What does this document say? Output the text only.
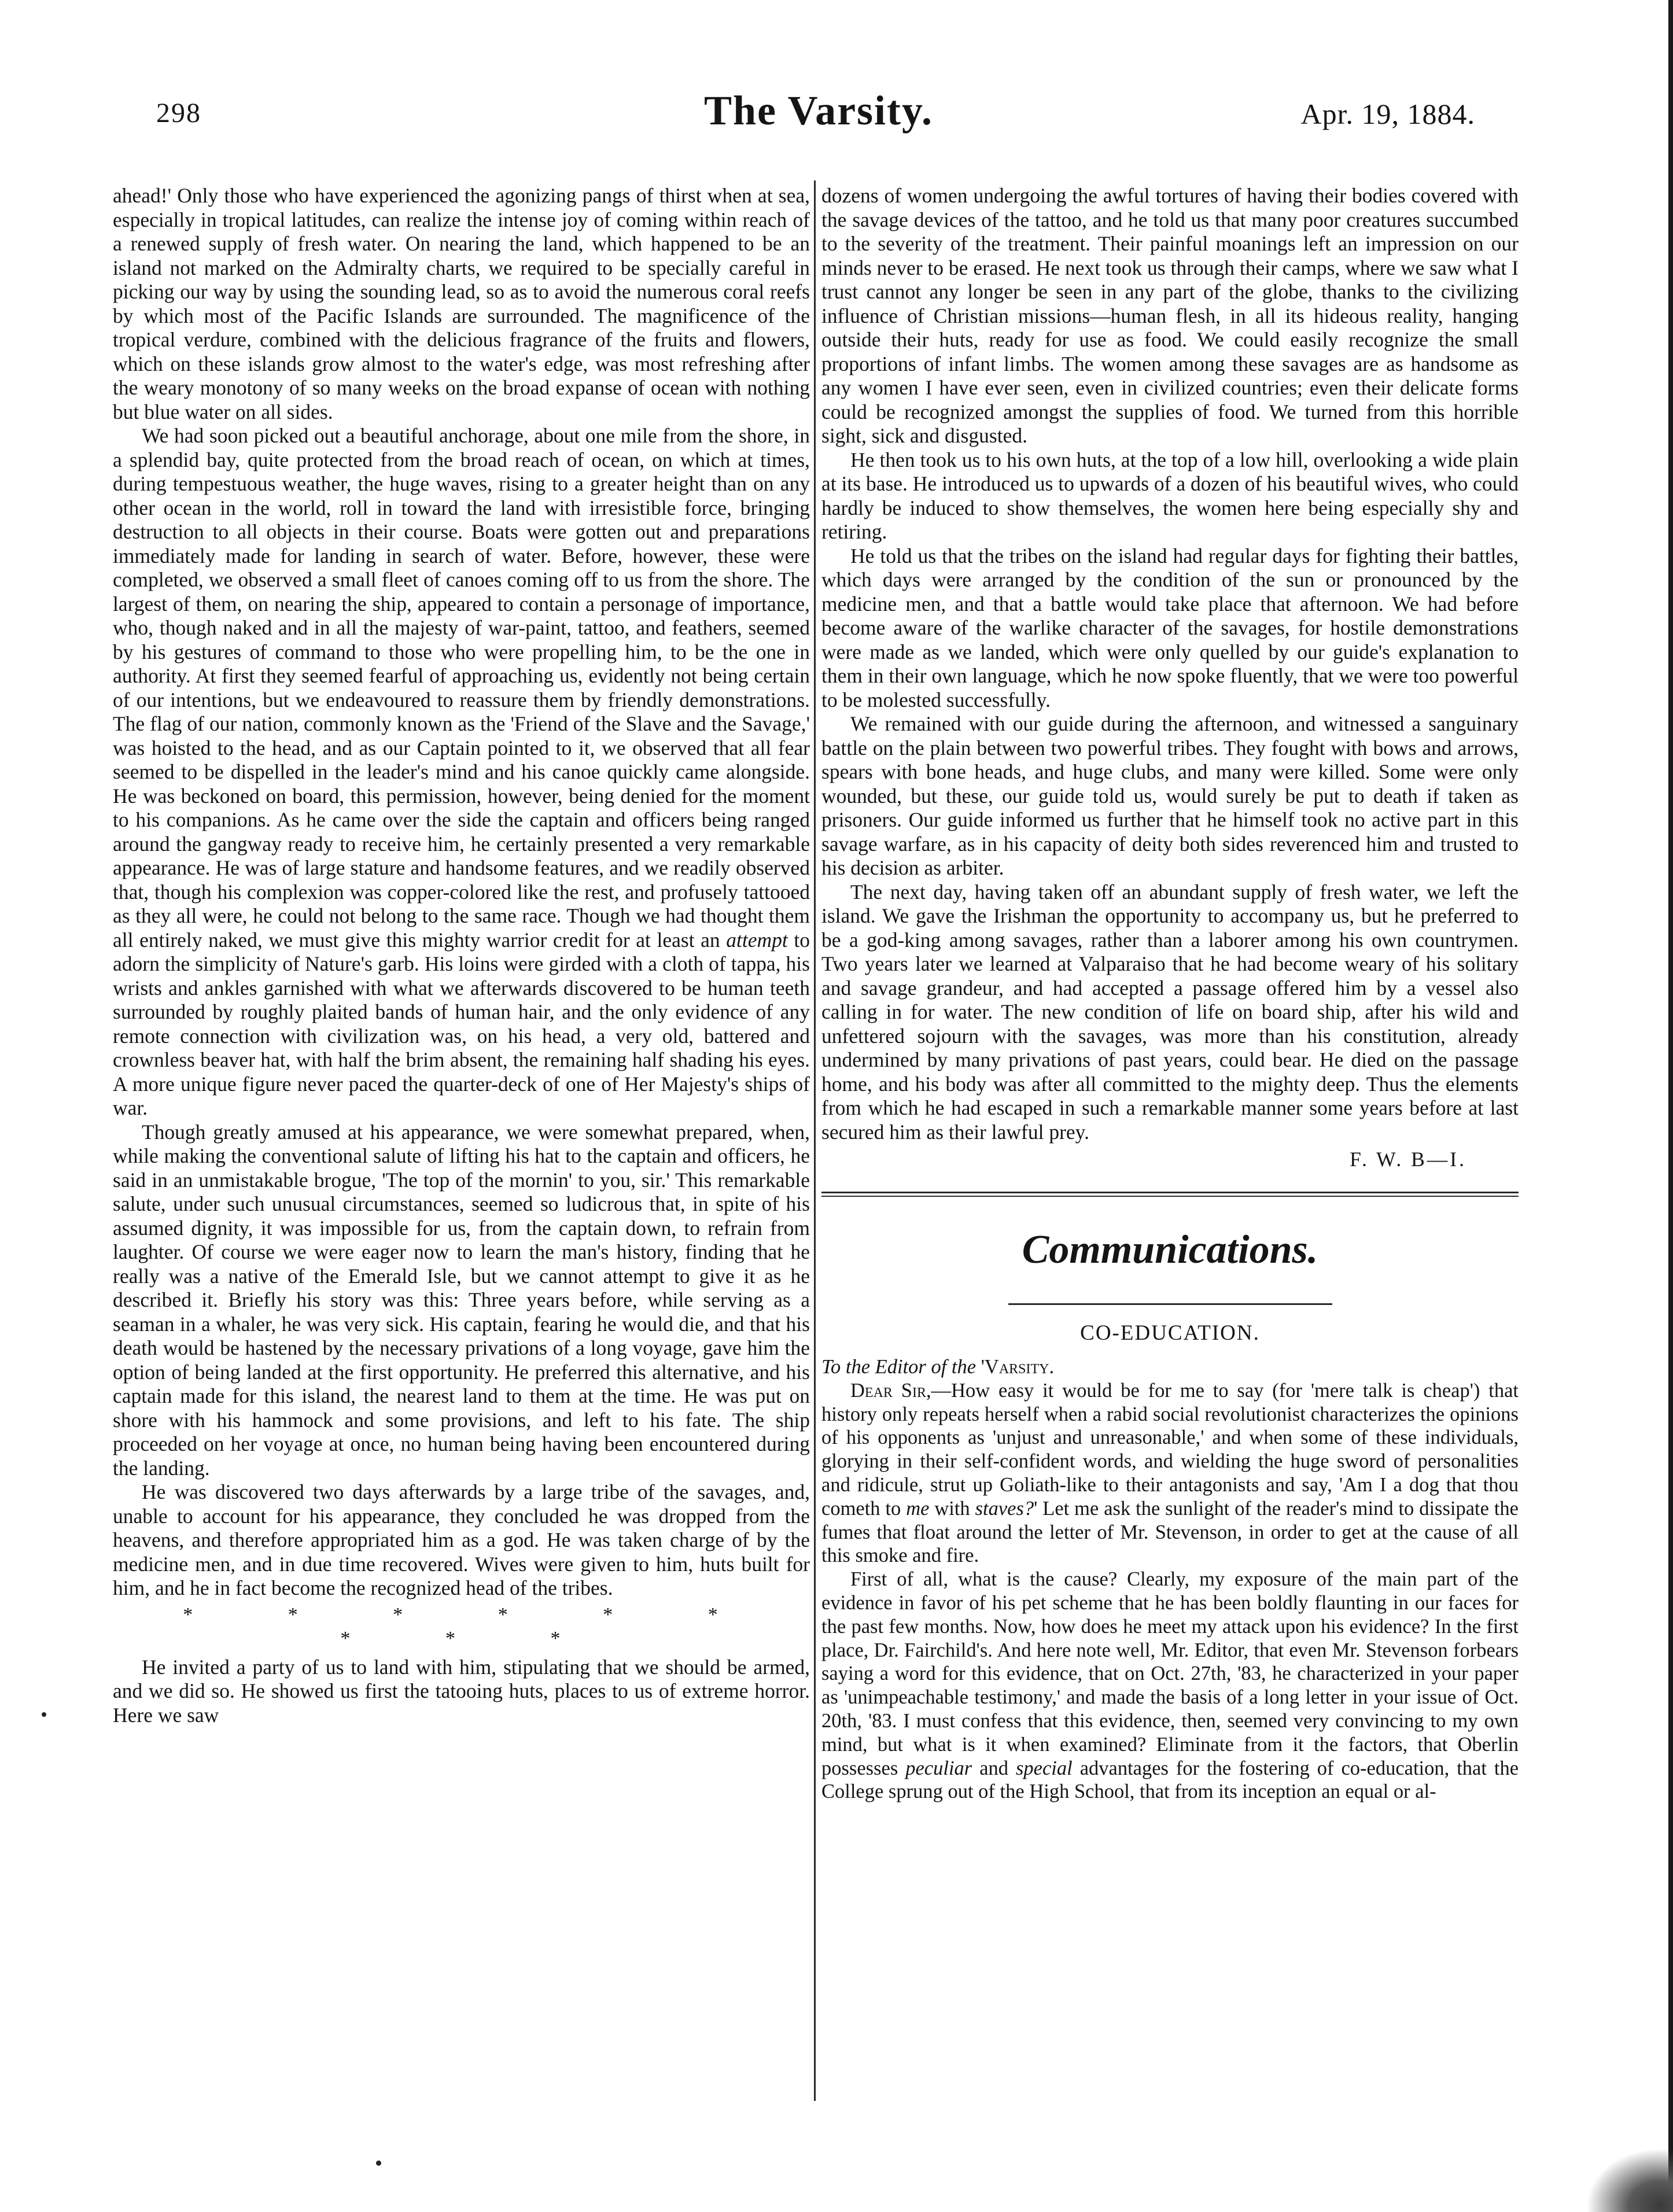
298	The Varsity.	Apr. 19, 1884.

ahead!' Only those who have experienced the agonizing pangs of thirst when at sea, especially in tropical latitudes, can realize the intense joy of coming within reach of a renewed supply of fresh water. On nearing the land, which happened to be an island not marked on the Admiralty charts, we required to be specially careful in picking our way by using the sounding lead, so as to avoid the numerous coral reefs by which most of the Pacific Islands are surrounded. The magnificence of the tropical verdure, combined with the delicious fragrance of the fruits and flowers, which on these islands grow almost to the water's edge, was most refreshing after the weary monotony of so many weeks on the broad expanse of ocean with nothing but blue water on all sides.

We had soon picked out a beautiful anchorage, about one mile from the shore, in a splendid bay, quite protected from the broad reach of ocean, on which at times, during tempestuous weather, the huge waves, rising to a greater height than on any other ocean in the world, roll in toward the land with irresistible force, bringing destruction to all objects in their course. Boats were gotten out and preparations immediately made for landing in search of water. Before, however, these were completed, we observed a small fleet of canoes coming off to us from the shore. The largest of them, on nearing the ship, appeared to contain a personage of importance, who, though naked and in all the majesty of war-paint, tattoo, and feathers, seemed by his gestures of command to those who were propelling him, to be the one in authority. At first they seemed fearful of approaching us, evidently not being certain of our intentions, but we endeavoured to reassure them by friendly demonstrations. The flag of our nation, commonly known as the 'Friend of the Slave and the Savage,' was hoisted to the head, and as our Captain pointed to it, we observed that all fear seemed to be dispelled in the leader's mind and his canoe quickly came alongside. He was beckoned on board, this permission, however, being denied for the moment to his companions. As he came over the side the captain and officers being ranged around the gangway ready to receive him, he certainly presented a very remarkable appearance. He was of large stature and handsome features, and we readily observed that, though his complexion was copper-colored like the rest, and profusely tattooed as they all were, he could not belong to the same race. Though we had thought them all entirely naked, we must give this mighty warrior credit for at least an attempt to adorn the simplicity of Nature's garb. His loins were girded with a cloth of tappa, his wrists and ankles garnished with what we afterwards discovered to be human teeth surrounded by roughly plaited bands of human hair, and the only evidence of any remote connection with civilization was, on his head, a very old, battered and crownless beaver hat, with half the brim absent, the remaining half shading his eyes. A more unique figure never paced the quarter-deck of one of Her Majesty's ships of war.

Though greatly amused at his appearance, we were somewhat prepared, when, while making the conventional salute of lifting his hat to the captain and officers, he said in an unmistakable brogue, 'The top of the mornin' to you, sir.' This remarkable salute, under such unusual circumstances, seemed so ludicrous that, in spite of his assumed dignity, it was impossible for us, from the captain down, to refrain from laughter. Of course we were eager now to learn the man's history, finding that he really was a native of the Emerald Isle, but we cannot attempt to give it as he described it. Briefly his story was this: Three years before, while serving as a seaman in a whaler, he was very sick. His captain, fearing he would die, and that his death would be hastened by the necessary privations of a long voyage, gave him the option of being landed at the first opportunity. He preferred this alternative, and his captain made for this island, the nearest land to them at the time. He was put on shore with his hammock and some provisions, and left to his fate. The ship proceeded on her voyage at once, no human being having been encountered during the landing.

He was discovered two days afterwards by a large tribe of the savages, and, unable to account for his appearance, they concluded he was dropped from the heavens, and therefore appropriated him as a god. He was taken charge of by the medicine men, and in due time recovered. Wives were given to him, huts built for him, and he in fact become the recognized head of the tribes.

* * * * * * * * *

He invited a party of us to land with him, stipulating that we should be armed, and we did so. He showed us first the tatooing huts, places to us of extreme horror. Here we saw

dozens of women undergoing the awful tortures of having their bodies covered with the savage devices of the tattoo, and he told us that many poor creatures succumbed to the severity of the treatment. Their painful moanings left an impression on our minds never to be erased. He next took us through their camps, where we saw what I trust cannot any longer be seen in any part of the globe, thanks to the civilizing influence of Christian missions—human flesh, in all its hideous reality, hanging outside their huts, ready for use as food. We could easily recognize the small proportions of infant limbs. The women among these savages are as handsome as any women I have ever seen, even in civilized countries; even their delicate forms could be recognized amongst the supplies of food. We turned from this horrible sight, sick and disgusted.

He then took us to his own huts, at the top of a low hill, overlooking a wide plain at its base. He introduced us to upwards of a dozen of his beautiful wives, who could hardly be induced to show themselves, the women here being especially shy and retiring.

He told us that the tribes on the island had regular days for fighting their battles, which days were arranged by the condition of the sun or pronounced by the medicine men, and that a battle would take place that afternoon. We had before become aware of the warlike character of the savages, for hostile demonstrations were made as we landed, which were only quelled by our guide's explanation to them in their own language, which he now spoke fluently, that we were too powerful to be molested successfully.

We remained with our guide during the afternoon, and witnessed a sanguinary battle on the plain between two powerful tribes. They fought with bows and arrows, spears with bone heads, and huge clubs, and many were killed. Some were only wounded, but these, our guide told us, would surely be put to death if taken as prisoners. Our guide informed us further that he himself took no active part in this savage warfare, as in his capacity of deity both sides reverenced him and trusted to his decision as arbiter.

The next day, having taken off an abundant supply of fresh water, we left the island. We gave the Irishman the opportunity to accompany us, but he preferred to be a god-king among savages, rather than a laborer among his own countrymen. Two years later we learned at Valparaiso that he had become weary of his solitary and savage grandeur, and had accepted a passage offered him by a vessel also calling in for water. The new condition of life on board ship, after his wild and unfettered sojourn with the savages, was more than his constitution, already undermined by many privations of past years, could bear. He died on the passage home, and his body was after all committed to the mighty deep. Thus the elements from which he had escaped in such a remarkable manner some years before at last secured him as their lawful prey.

F. W. B—I.
Communications.
CO-EDUCATION.

To the Editor of the 'Varsity.

Dear Sir,—How easy it would be for me to say (for 'mere talk is cheap') that history only repeats herself when a rabid social revolutionist characterizes the opinions of his opponents as 'unjust and unreasonable,' and when some of these individuals, glorying in their self-confident words, and wielding the huge sword of personalities and ridicule, strut up Goliath-like to their antagonists and say, 'Am I a dog that thou cometh to me with staves?' Let me ask the sunlight of the reader's mind to dissipate the fumes that float around the letter of Mr. Stevenson, in order to get at the cause of all this smoke and fire.

First of all, what is the cause? Clearly, my exposure of the main part of the evidence in favor of his pet scheme that he has been boldly flaunting in our faces for the past few months. Now, how does he meet my attack upon his evidence? In the first place, Dr. Fairchild's. And here note well, Mr. Editor, that even Mr. Stevenson forbears saying a word for this evidence, that on Oct. 27th, '83, he characterized in your paper as 'unimpeachable testimony,' and made the basis of a long letter in your issue of Oct. 20th, '83. I must confess that this evidence, then, seemed very convincing to my own mind, but what is it when examined? Eliminate from it the factors, that Oberlin possesses peculiar and special advantages for the fostering of co-education, that the College sprung out of the High School, that from its inception an equal or al-
